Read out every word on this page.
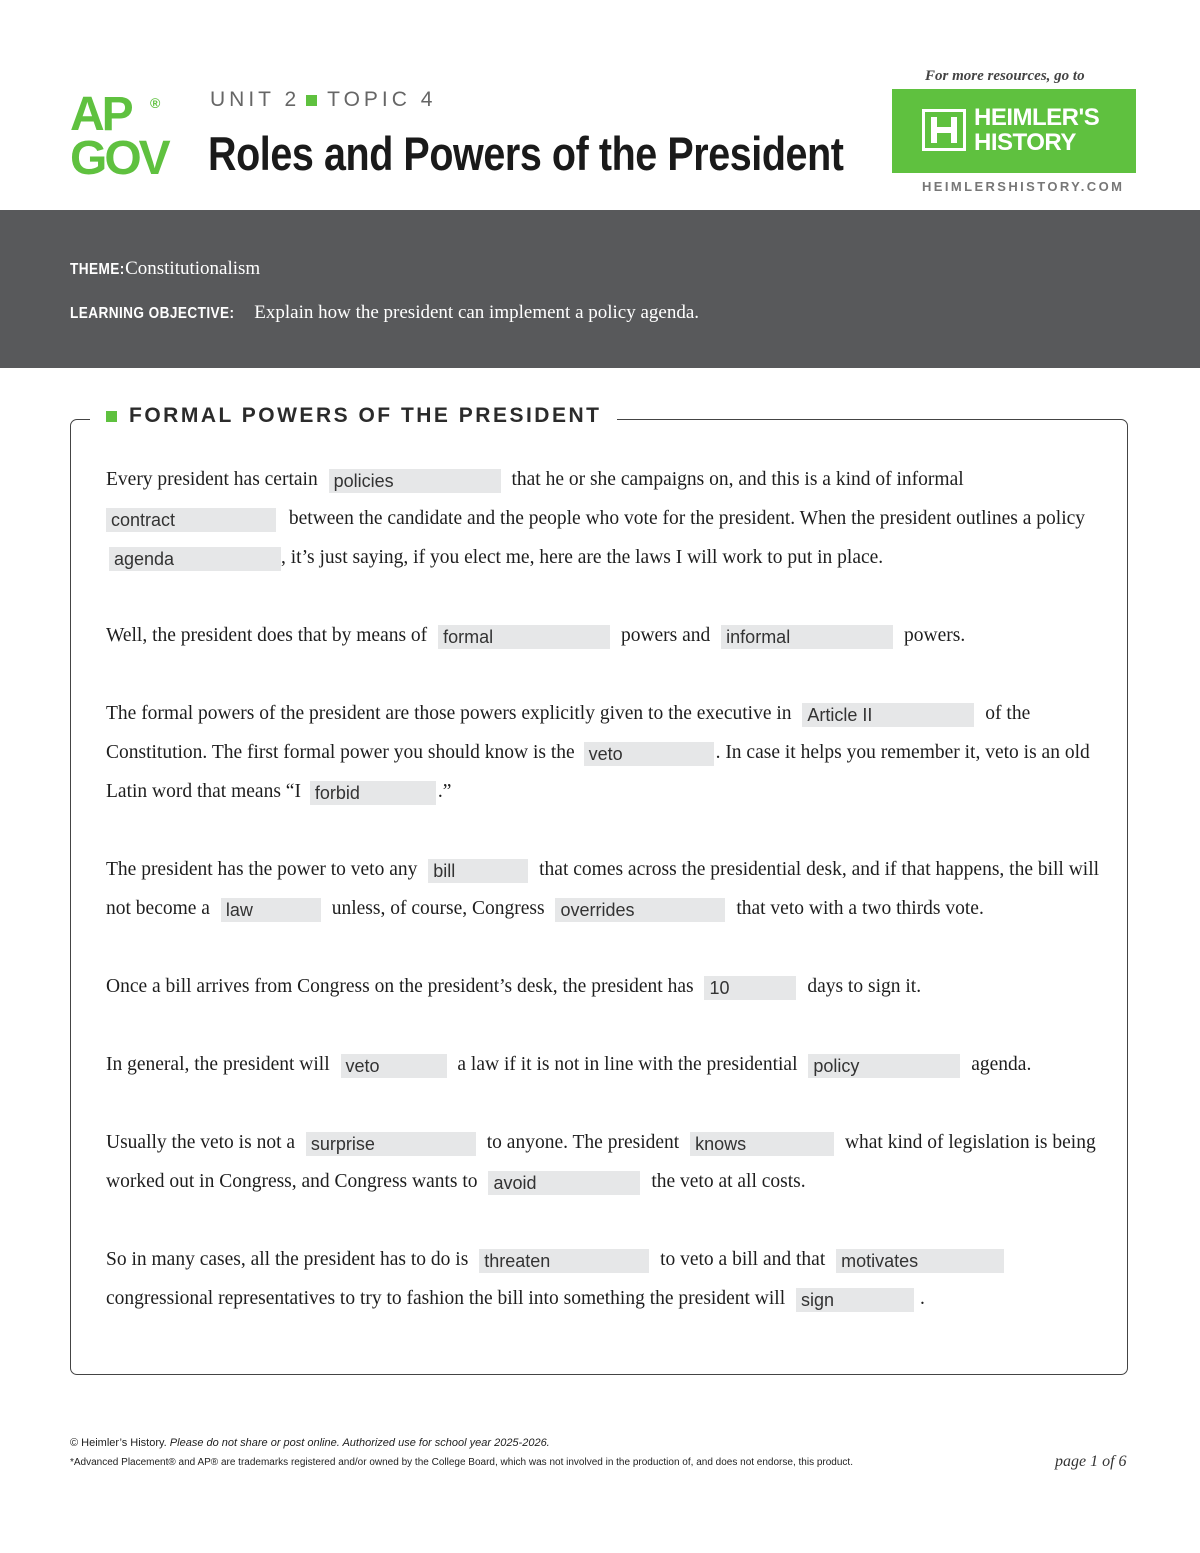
AP ®
GOV
UNIT 2 TOPIC 4
Roles and Powers of the President
For more resources, go to
HEIMLER'S
HISTORY
HEIMLERSHISTORY.COM
THEME: Constitutionalism
LEARNING OBJECTIVE: Explain how the president can implement a policy agenda.
FORMAL POWERS OF THE PRESIDENT

Every president has certain policies	that he or she campaigns on, and this is a kind of informal contract	between the candidate and the people who vote for the president. When the president outlines a policy agenda	, it’s just saying, if you elect me, here are the laws I will work to put in place.

Well, the president does that by means of formal	powers and informal	powers.

The formal powers of the president are those powers explicitly given to the executive in Article II	of the Constitution. The first formal power you should know is the veto	. In case it helps you remember it, veto is an old Latin word that means “I forbid	.”

The president has the power to veto any bill	that comes across the presidential desk, and if that happens, the bill will not become a law	unless, of course, Congress overrides	that veto with a two thirds vote.

Once a bill arrives from Congress on the president’s desk, the president has 10	days to sign it.

In general, the president will veto	a law if it is not in line with the presidential policy	agenda.

Usually the veto is not a surprise	to anyone. The president knows	what kind of legislation is being worked out in Congress, and Congress wants to avoid	the veto at all costs.

So in many cases, all the president has to do is threaten	to veto a bill and that motivates congressional representatives to try to fashion the bill into something the president will sign	.

© Heimler’s History. Please do not share or post online. Authorized use for school year 2025-2026.
*Advanced Placement® and AP® are trademarks registered and/or owned by the College Board, which was not involved in the production of, and does not endorse, this product.	page 1 of 6
